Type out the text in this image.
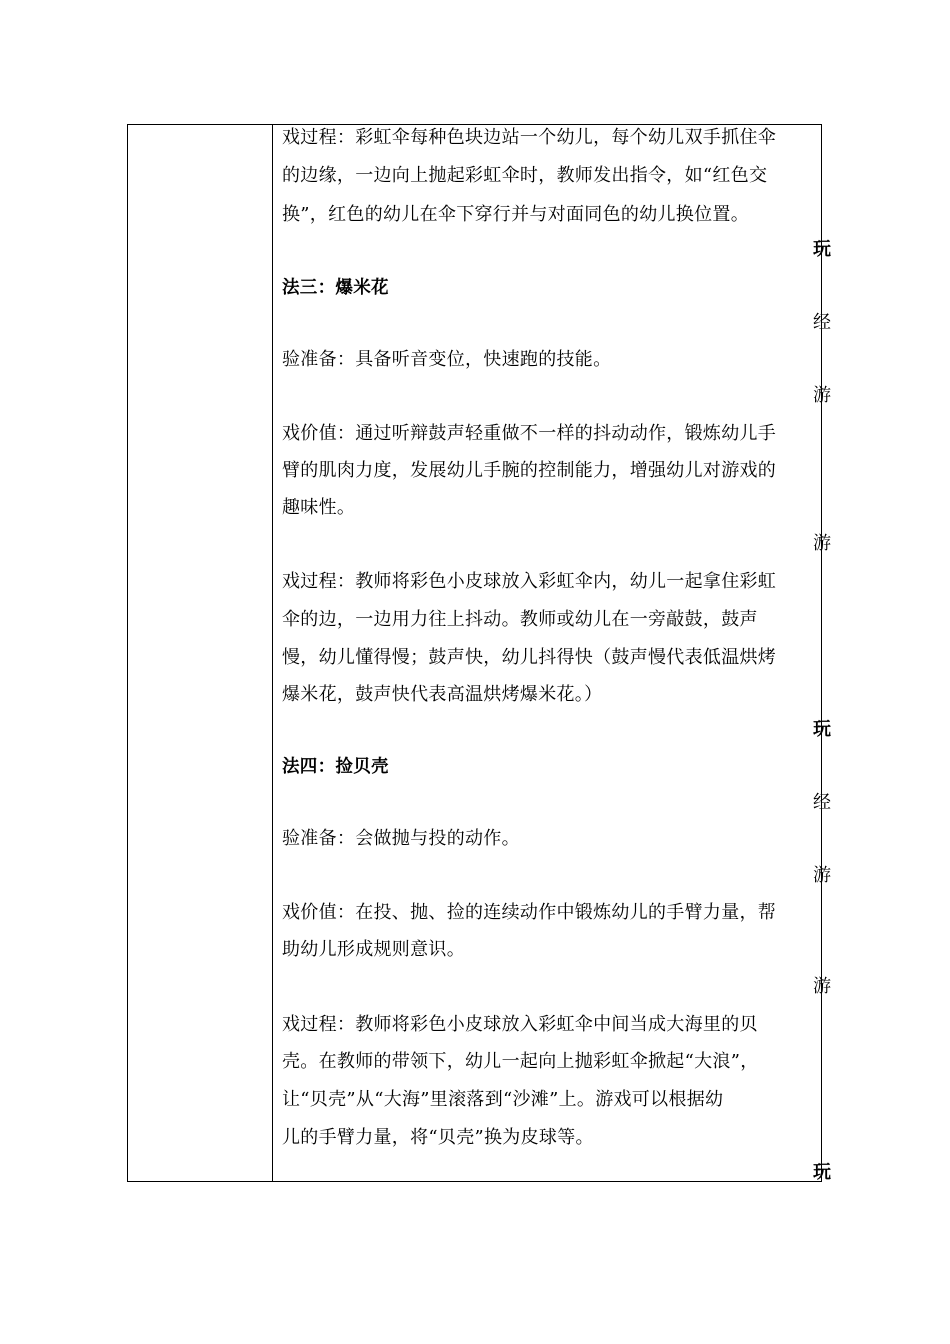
戏过程：彩虹伞每种色块边站一个幼儿，每个幼儿双手抓住伞
的边缘，一边向上抛起彩虹伞时，教师发出指令，如“红色交
换”，红色的幼儿在伞下穿行并与对面同色的幼儿换位置。
玩
法三：爆米花
经
验准备：具备听音变位，快速跑的技能。
游
戏价值：通过听辩鼓声轻重做不一样的抖动动作，锻炼幼儿手
臂的肌肉力度，发展幼儿手腕的控制能力，增强幼儿对游戏的
趣味性。
游
戏过程：教师将彩色小皮球放入彩虹伞内，幼儿一起拿住彩虹
伞的边，一边用力往上抖动。教师或幼儿在一旁敲鼓，鼓声
慢，幼儿懂得慢；鼓声快，幼儿抖得快（鼓声慢代表低温烘烤
爆米花，鼓声快代表高温烘烤爆米花。）
玩
法四：捡贝壳
经
验准备：会做抛与投的动作。
游
戏价值：在投、抛、捡的连续动作中锻炼幼儿的手臂力量，帮
助幼儿形成规则意识。
游
戏过程：教师将彩色小皮球放入彩虹伞中间当成大海里的贝
壳。在教师的带领下，幼儿一起向上抛彩虹伞掀起“大浪”，
让“贝壳”从“大海”里滚落到“沙滩”上。游戏可以根据幼
儿的手臂力量，将“贝壳”换为皮球等。
玩
